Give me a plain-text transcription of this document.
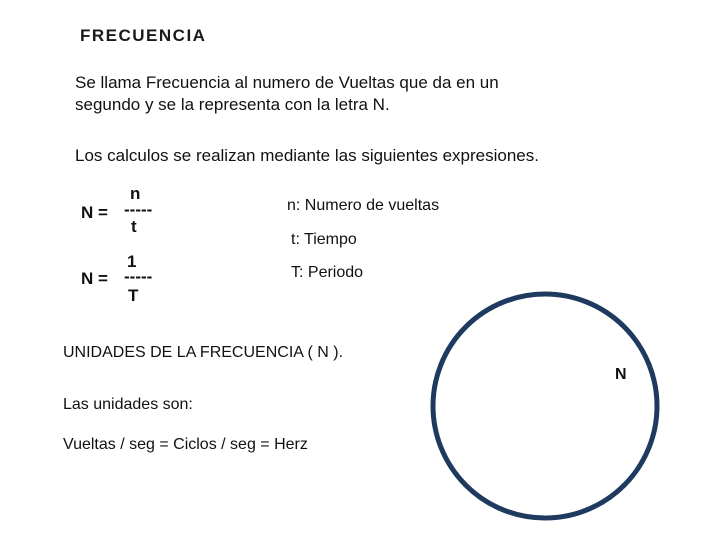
FRECUENCIA
Se llama Frecuencia al numero de Vueltas que da en un
segundo y se la representa con la letra N.
Los calculos se realizan mediante las siguientes expresiones.
N =
n
-----
t
N =
1
-----
T
n: Numero de vueltas
t: Tiempo
T: Periodo
UNIDADES DE LA FRECUENCIA ( N ).
Las unidades son:
Vueltas / seg = Ciclos / seg = Herz
N
